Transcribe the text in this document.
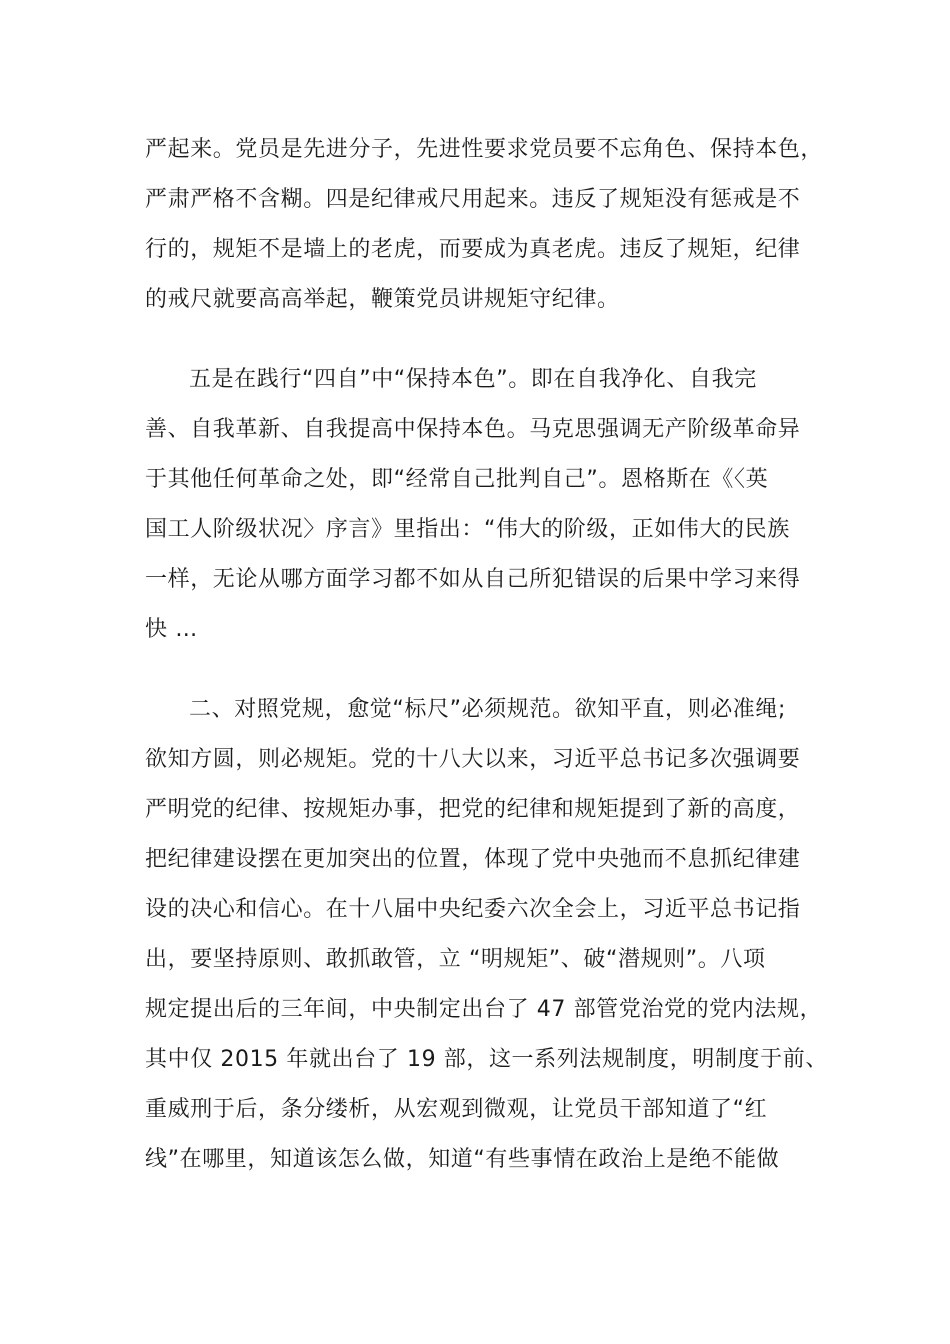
严起来。党员是先进分子，先进性要求党员要不忘角色、保持本色，

严肃严格不含糊。四是纪律戒尺用起来。违反了规矩没有惩戒是不

行的，规矩不是墙上的老虎，而要成为真老虎。违反了规矩，纪律

的戒尺就要高高举起，鞭策党员讲规矩守纪律。

五是在践行“四自”中“保持本色”。即在自我净化、自我完

善、自我革新、自我提高中保持本色。马克思强调无产阶级革命异

于其他任何革命之处，即“经常自己批判自己”。恩格斯在《〈英

国工人阶级状况〉序言》里指出：“伟大的阶级，正如伟大的民族

一样，无论从哪方面学习都不如从自己所犯错误的后果中学习来得

快 …

二、对照党规，愈觉“标尺”必须规范。欲知平直，则必准绳;

欲知方圆，则必规矩。党的十八大以来，习近平总书记多次强调要

严明党的纪律、按规矩办事，把党的纪律和规矩提到了新的高度，

把纪律建设摆在更加突出的位置，体现了党中央弛而不息抓纪律建

设的决心和信心。在十八届中央纪委六次全会上，习近平总书记指

出，要坚持原则、敢抓敢管，立 “明规矩”、破“潜规则”。八项

规定提出后的三年间，中央制定出台了 47 部管党治党的党内法规，

其中仅 2015 年就出台了 19 部，这一系列法规制度，明制度于前、

重威刑于后，条分缕析，从宏观到微观，让党员干部知道了“红

线”在哪里，知道该怎么做，知道“有些事情在政治上是绝不能做
